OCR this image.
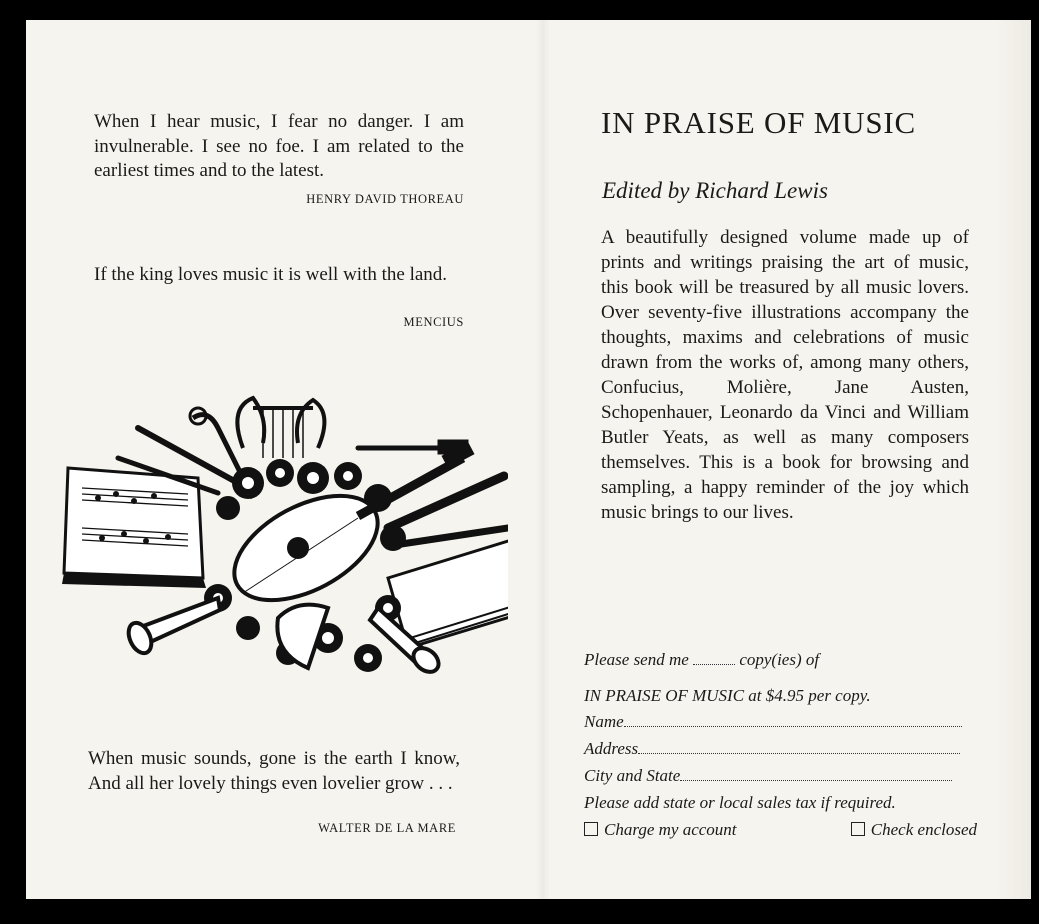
When I hear music, I fear no danger. I am invulnerable. I see no foe. I am related to the earliest times and to the latest.
HENRY DAVID THOREAU
If the king loves music it is well with the land.
MENCIUS
When music sounds, gone is the earth I know, And all her lovely things even lovelier grow . . .
WALTER DE LA MARE
IN PRAISE OF MUSIC
Edited by Richard Lewis
A beautifully designed volume made up of prints and writings praising the art of music, this book will be treasured by all music lovers. Over seventy-five illustrations accompany the thoughts, maxims and celebrations of music drawn from the works of, among many others, Confucius, Molière, Jane Austen, Schopenhauer, Leonardo da Vinci and William Butler Yeats, as well as many composers themselves. This is a book for browsing and sampling, a happy reminder of the joy which music brings to our lives.
Please send me	copy(ies) of
IN PRAISE OF MUSIC at $4.95 per copy.
Name
Address
City and State
Please add state or local sales tax if required.
Charge my account	Check enclosed
